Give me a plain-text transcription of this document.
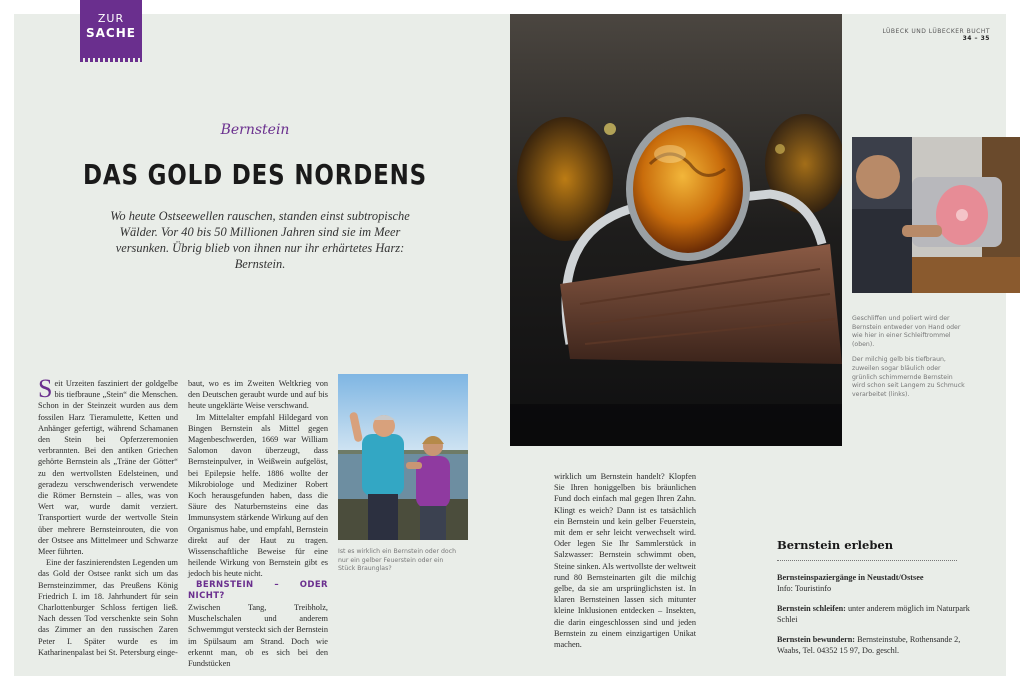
ZUR
SACHE	LÜBECK UND LÜBECKER BUCHT
34 – 35
Bernstein
DAS GOLD DES NORDENS
Wo heute Ostseewellen rauschen, standen einst subtropische Wälder. Vor 40 bis 50 Millionen Jahren sind sie im Meer versunken. Übrig blieb von ihnen nur ihr erhärtetes Harz: Bernstein.

Seit Urzeiten fasziniert der goldgelbe bis tiefbraune „Stein“ die Menschen. Schon in der Steinzeit wurden aus dem fossilen Harz Tieramulette, Ketten und Anhänger gefertigt, während Schamanen den Stein bei Opferzeremonien verbrannten. Bei den antiken Griechen gehörte Bernstein als „Träne der Götter“ zu den wertvollsten Edelsteinen, und geradezu verschwenderisch verwendete die Römer Bernstein – alles, was von Wert war, wurde damit verziert. Transportiert wurde der wertvolle Stein über mehrere Bernsteinrouten, die von der Ostsee ans Mittelmeer und Schwarze Meer führten.

Eine der faszinierendsten Legenden um das Gold der Ostsee rankt sich um das Bernsteinzimmer, das Preußens König Friedrich I. im 18. Jahrhundert für sein Charlottenburger Schloss fertigen ließ. Nach dessen Tod verschenkte sein Sohn das Zimmer an den russischen Zaren Peter I. Später wurde es im Katharinenpalast bei St. Petersburg einge-

baut, wo es im Zweiten Weltkrieg von den Deutschen geraubt wurde und auf bis heute ungeklärte Weise verschwand.

Im Mittelalter empfahl Hildegard von Bingen Bernstein als Mittel gegen Magenbeschwerden, 1669 war William Salomon davon überzeugt, dass Bernsteinpulver, in Weißwein aufgelöst, bei Epilepsie helfe. 1886 wollte der Mikrobiologe und Mediziner Robert Koch herausgefunden haben, dass die Säure des Naturbernsteins eine das Immunsystem stärkende Wirkung auf den Organismus habe, und empfahl, Bernstein direkt auf der Haut zu tragen. Wissenschaftliche Beweise für eine heilende Wirkung von Bernstein gibt es jedoch bis heute nicht.

BERNSTEIN – ODER NICHT?

Zwischen Tang, Treibholz, Muschelschalen und anderem Schwemmgut versteckt sich der Bernstein im Spülsaum am Strand. Doch wie erkennt man, ob es sich bei den Fundstücken

Ist es wirklich ein Bernstein oder doch nur ein gelber Feuerstein oder ein Stück Braunglas?
Geschliffen und poliert wird der Bernstein entweder von Hand oder wie hier in einer Schleiftrommel (oben).
Der milchig gelb bis tiefbraun, zuweilen sogar bläulich oder grünlich schimmernde Bernstein wird schon seit Langem zu Schmuck verarbeitet (links).

wirklich um Bernstein handelt? Klopfen Sie Ihren honiggelben bis bräunlichen Fund doch einfach mal gegen Ihren Zahn. Klingt es weich? Dann ist es tatsächlich ein Bernstein und kein gelber Feuerstein, mit dem er sehr leicht verwechselt wird. Oder legen Sie Ihr Sammlerstück in Salzwasser: Bernstein schwimmt oben, Steine sinken. Als wertvollste der weltweit rund 80 Bernsteinarten gilt die milchig gelbe, da sie am ursprünglichsten ist. In klaren Bernsteinen lassen sich mitunter kleine Inklusionen entdecken – Insekten, die darin eingeschlossen sind und jeden Bernstein zu einem einzigartigen Unikat machen.

Bernstein erleben
Bernsteinspaziergänge in Neustadt/Ostsee
Info: Touristinfo
Bernstein schleifen: unter anderem möglich im Naturpark Schlei
Bernstein bewundern: Bernsteinstube, Rothensande 2, Waabs, Tel. 04352 15 97, Do. geschl.
